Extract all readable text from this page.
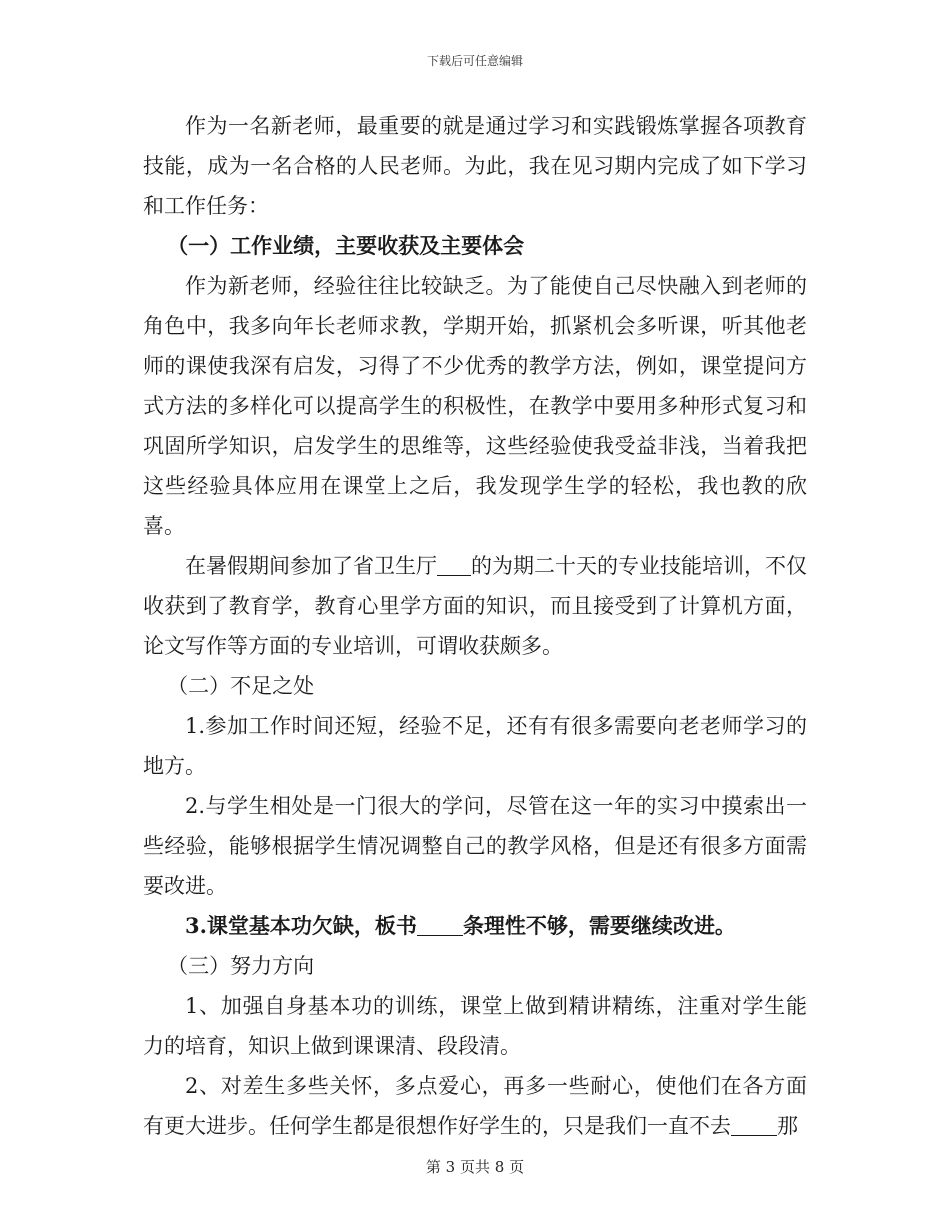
下载后可任意编辑

作为一名新老师，最重要的就是通过学习和实践锻炼掌握各项教育技能，成为一名合格的人民老师。为此，我在见习期内完成了如下学习和工作任务：

（一）工作业绩，主要收获及主要体会

作为新老师，经验往往比较缺乏。为了能使自己尽快融入到老师的角色中，我多向年长老师求教，学期开始，抓紧机会多听课，听其他老师的课使我深有启发，习得了不少优秀的教学方法，例如，课堂提问方式方法的多样化可以提高学生的积极性，在教学中要用多种形式复习和巩固所学知识，启发学生的思维等，这些经验使我受益非浅，当着我把这些经验具体应用在课堂上之后，我发现学生学的轻松，我也教的欣喜。

在暑假期间参加了省卫生厅 的为期二十天的专业技能培训，不仅收获到了教育学，教育心里学方面的知识，而且接受到了计算机方面，论文写作等方面的专业培训，可谓收获颇多。

（二）不足之处

1.参加工作时间还短，经验不足，还有有很多需要向老老师学习的地方。

2.与学生相处是一门很大的学问，尽管在这一年的实习中摸索出一些经验，能够根据学生情况调整自己的教学风格，但是还有很多方面需要改进。

3.课堂基本功欠缺，板书 条理性不够，需要继续改进。

（三）努力方向

1、加强自身基本功的训练，课堂上做到精讲精练，注重对学生能力的培育，知识上做到课课清、段段清。

2、对差生多些关怀，多点爱心，再多一些耐心，使他们在各方面有更大进步。任何学生都是很想作好学生的，只是我们一直不去 那

第 3 页共 8 页
